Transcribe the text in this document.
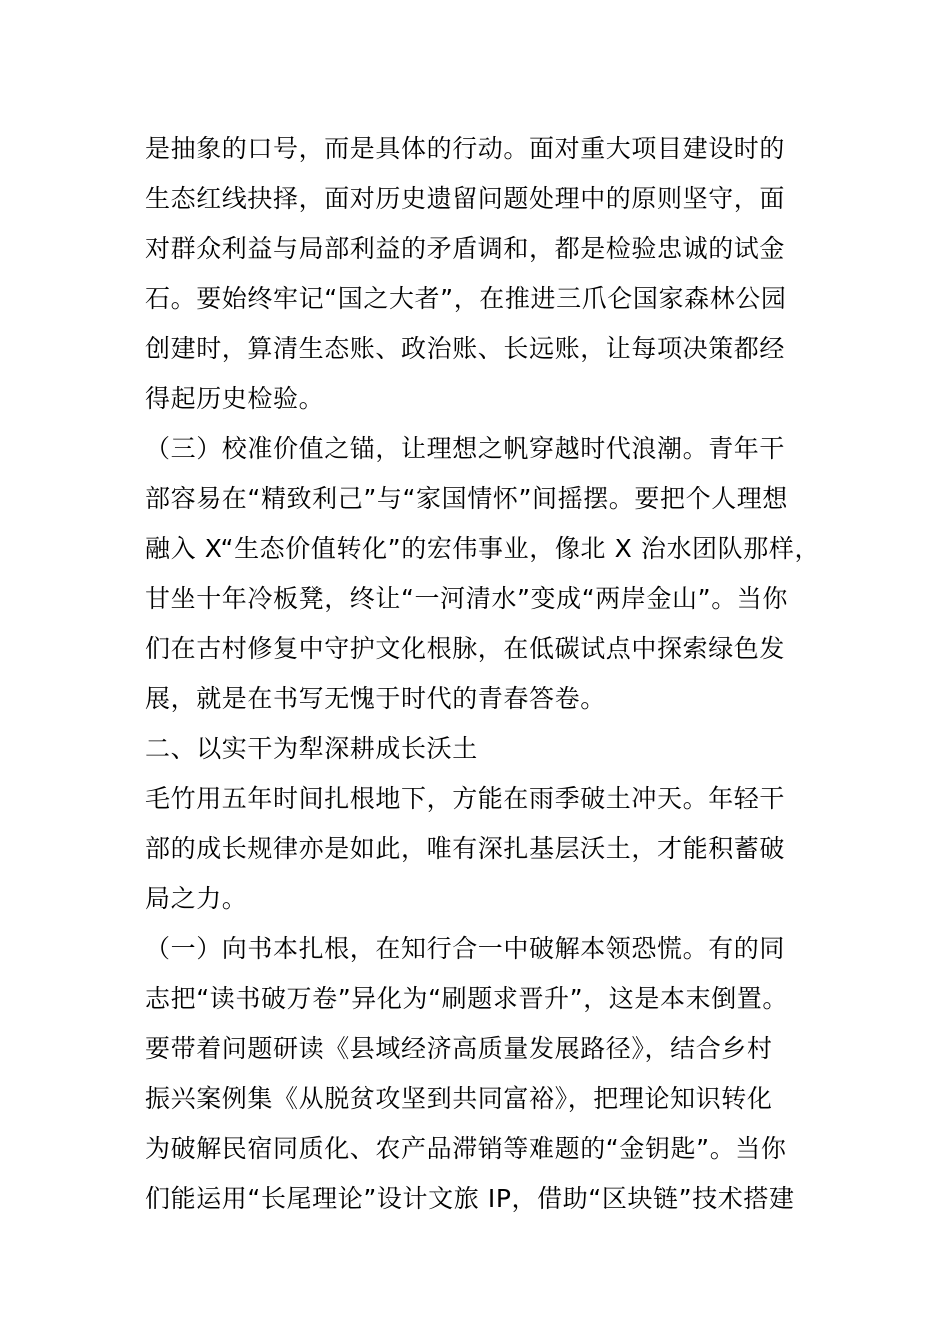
是抽象的口号，而是具体的行动。面对重大项目建设时的
生态红线抉择，面对历史遗留问题处理中的原则坚守，面
对群众利益与局部利益的矛盾调和，都是检验忠诚的试金
石。要始终牢记“国之大者”，在推进三爪仑国家森林公园
创建时，算清生态账、政治账、长远账，让每项决策都经
得起历史检验。
（三）校准价值之锚，让理想之帆穿越时代浪潮。青年干
部容易在“精致利己”与“家国情怀”间摇摆。要把个人理想
融入 X“生态价值转化”的宏伟事业，像北 X 治水团队那样，
甘坐十年冷板凳，终让“一河清水”变成“两岸金山”。当你
们在古村修复中守护文化根脉，在低碳试点中探索绿色发
展，就是在书写无愧于时代的青春答卷。
二、以实干为犁深耕成长沃土
毛竹用五年时间扎根地下，方能在雨季破土冲天。年轻干
部的成长规律亦是如此，唯有深扎基层沃土，才能积蓄破
局之力。
（一）向书本扎根，在知行合一中破解本领恐慌。有的同
志把“读书破万卷”异化为“刷题求晋升”，这是本末倒置。
要带着问题研读《县域经济高质量发展路径》，结合乡村
振兴案例集《从脱贫攻坚到共同富裕》，把理论知识转化
为破解民宿同质化、农产品滞销等难题的“金钥匙”。当你
们能运用“长尾理论”设计文旅 IP，借助“区块链”技术搭建
